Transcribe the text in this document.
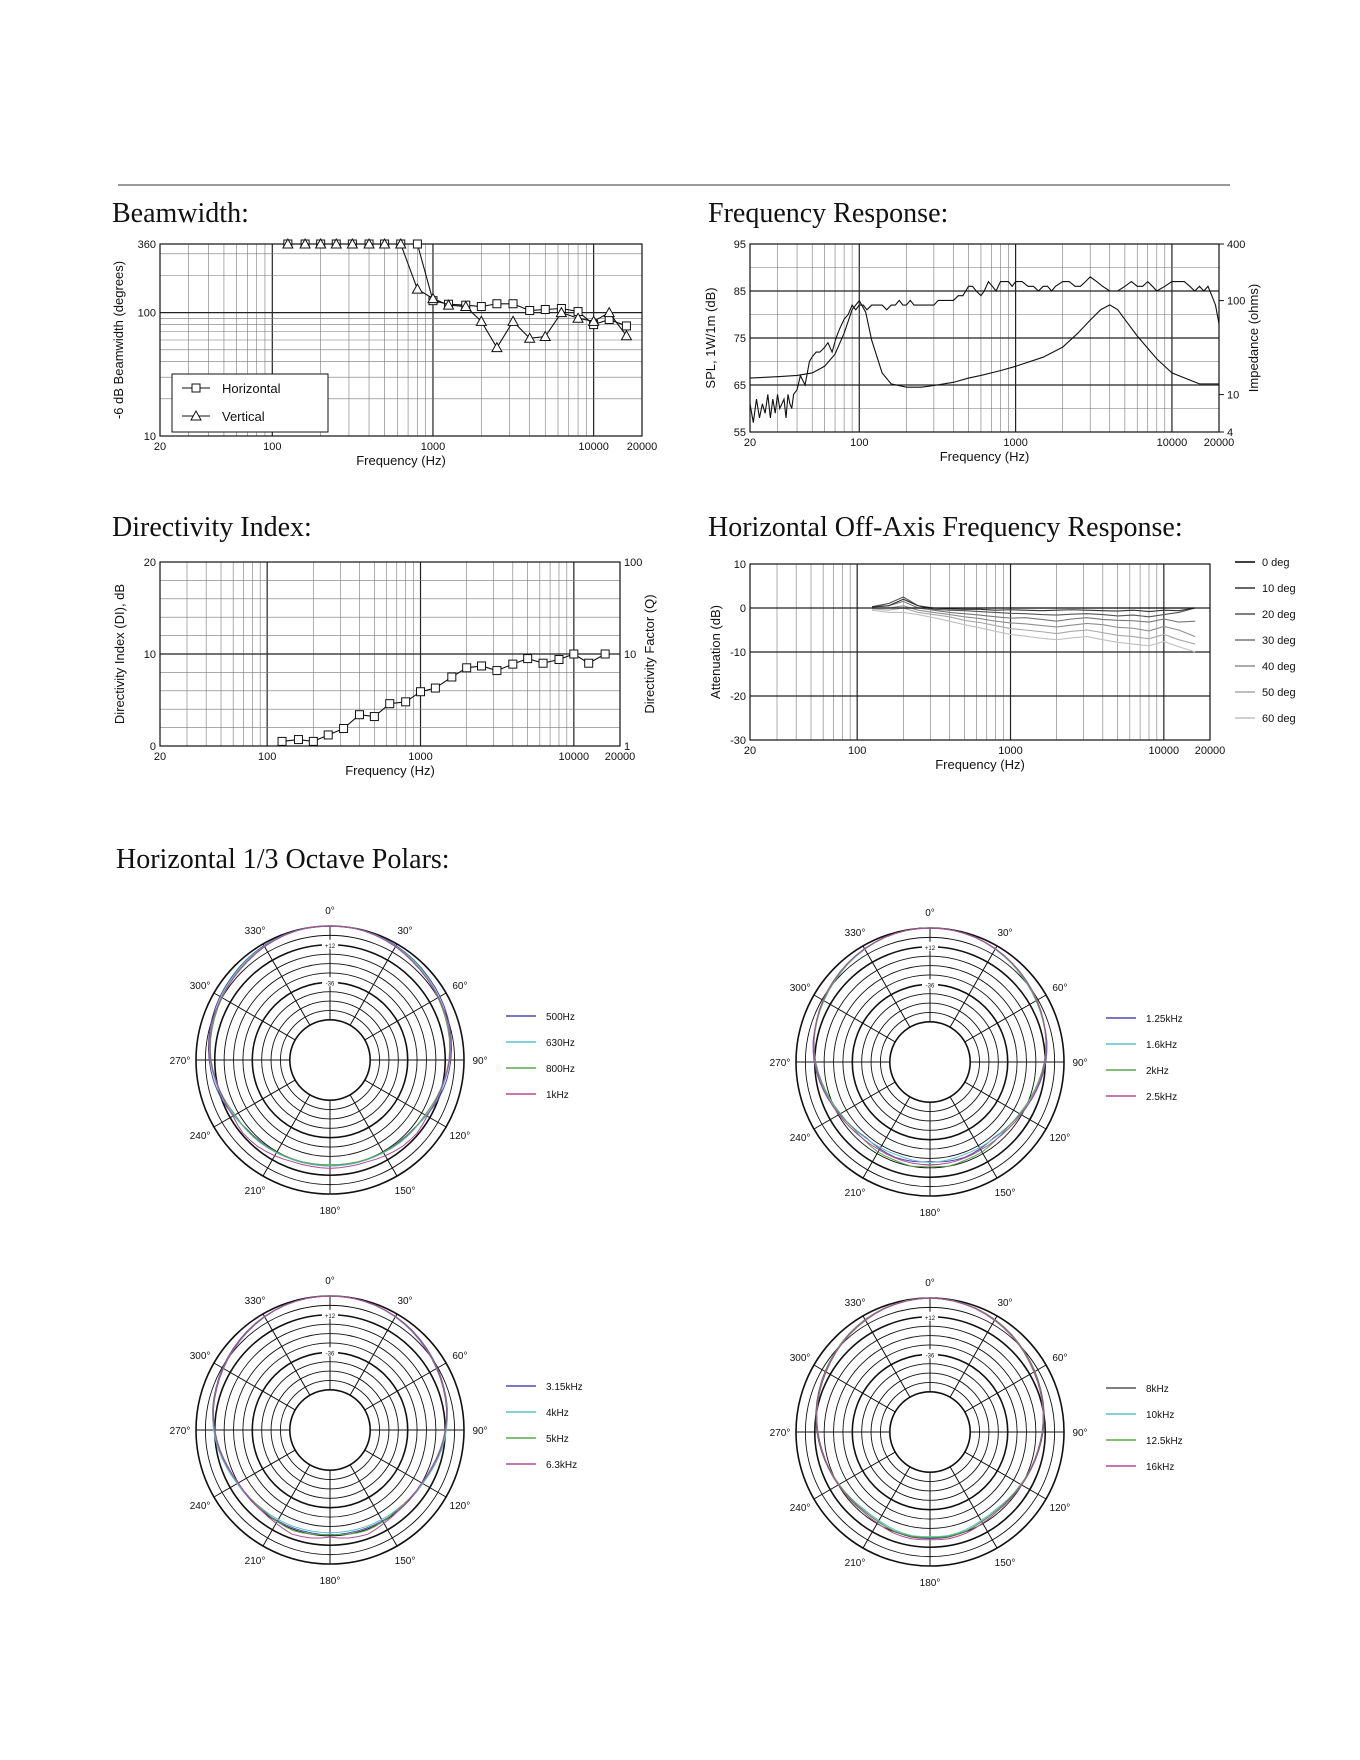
Beamwidth:	Frequency Response:
Directivity Index:	Horizontal Off-Axis Frequency Response:
Horizontal 1/3 Octave Polars:
20	100	1000	10000 20000
Frequency (Hz)
10
100
360
-6 dB Beamwidth (degrees)	Horizontal
Vertical
20	100	1000	10000 20000
Frequency (Hz)
55
65
75
85
95
4
10
100
400
SPL, 1W/1m (dB)	Impedance (ohms)
20	100	1000	10000 20000
Frequency (Hz)
0	1
10	10
20	100
Directivity Index (DI), dB	Directivity Factor (Q)
20	100	1000	10000 20000
Frequency (Hz)
-30
-20
-10
0
10
Attenuation (dB)
0 deg
10 deg
20 deg
30 deg
40 deg
50 deg
60 deg
0°
30°
60°
90°
120°
150°
180°
210°
240°
270°
300°
330°
+12
-36
500Hz
630Hz
800Hz
1kHz
0°
30°
60°
90°
120°
150°
180°
210°
240°
270°
300°
330°
+12
-36
1.25kHz
1.6kHz
2kHz
2.5kHz
0°
30°
60°
90°
120°
150°
180°
210°
240°
270°
300°
330°
+12
-36
3.15kHz
4kHz
5kHz
6.3kHz
0°
30°
60°
90°
120°
150°
180°
210°
240°
270°
300°
330°
+12
-36
8kHz
10kHz
12.5kHz
16kHz
